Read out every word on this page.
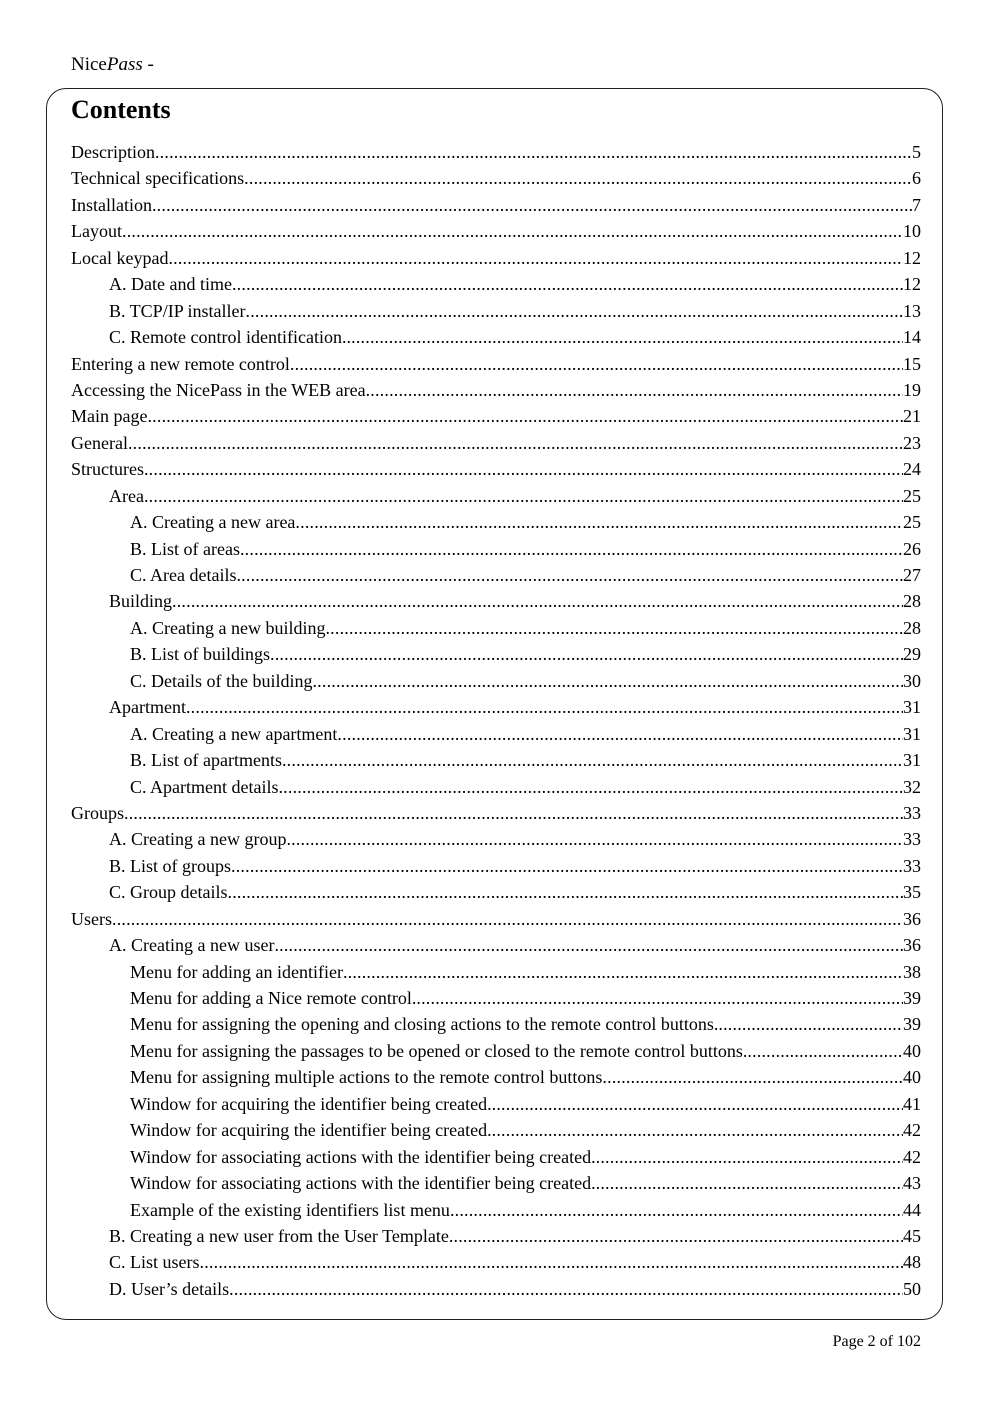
NicePass -
Contents
Description .....	5
Technical specifications .....	6
Installation .....	7
Layout .....	10
Local keypad .....	12
A. Date and time .....	12
B. TCP/IP installer .....	13
C. Remote control identification. .....	14
Entering a new remote control .....	15
Accessing the NicePass in the WEB area .....	19
Main page .....	21
General .....	23
Structures .....	24
Area .....	25
A. Creating a new area .....	25
B. List of areas .....	26
C. Area details .....	27
Building .....	28
A. Creating a new building .....	28
B. List of buildings .....	29
C. Details of the building .....	30
Apartment .....	31
A. Creating a new apartment .....	31
B. List of apartments .....	31
C. Apartment details .....	32
Groups .....	33
A. Creating a new group .....	33
B. List of groups .....	33
C. Group details .....	35
Users .....	36
A. Creating a new user .....	36
Menu for adding an identifier .....	38
Menu for adding a Nice remote control. .....	39
Menu for assigning the opening and closing actions to the remote control buttons. .....	39
Menu for assigning the passages to be opened or closed to the remote control buttons. .....	40
Menu for assigning multiple actions to the remote control buttons .....	40
Window for acquiring the identifier being created. .....	41
Window for acquiring the identifier being created. .....	42
Window for associating actions with the identifier being created. .....	42
Window for associating actions with the identifier being created. .....	43
Example of the existing identifiers list menu .....	44
B. Creating a new user from the User Template .....	45
C. List users .....	48
D. User’s details .....	50
Page 2 of 102
